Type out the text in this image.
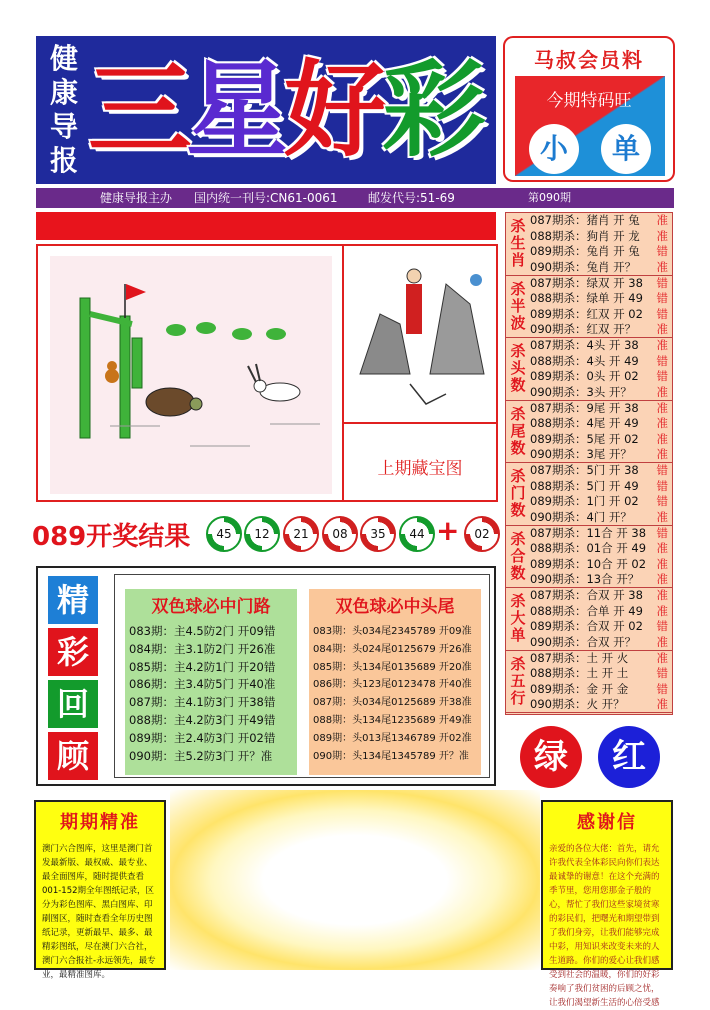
健
康
导
报 三
星
好
彩	马叔会员料
今期特码旺
小	单
健康导报主办 国内统一刊号:CN61-0061	邮发代号:51-69	第090期
上期藏宝图
089开奖结果	45	12	21	08	35	44 +	02
精
彩
回
顾
双色球必中门路
083期：主4.5防2门 开09错
084期：主3.1防2门 开26准
085期：主4.2防1门 开20错
086期：主3.4防5门 开40准
087期：主4.1防3门 开38错
088期：主4.2防3门 开49错
089期：主2.4防3门 开02错
090期：主5.2防3门 开？准
双色球必中头尾
083期：头034尾2345789 开09准
084期：头024尾0125679 开26准
085期：头134尾0135689 开20准
086期：头123尾0123478 开40准
087期：头034尾0125689 开38准
088期：头134尾1235689 开49准
089期：头013尾1346789 开02准
090期：头134尾1345789 开？准
杀
生
肖
087期杀：猪肖 开 兔 准
088期杀：狗肖 开 龙 准
089期杀：兔肖 开 兔 错
090期杀：兔肖 开？ 准
杀
半
波
087期杀：绿双 开 38 错
088期杀：绿单 开 49 错
089期杀：红双 开 02 错
090期杀：红双 开？ 准
杀
头
数
087期杀：4头 开 38 准
088期杀：4头 开 49 错
089期杀：0头 开 02 错
090期杀：3头 开？ 准
杀
尾
数
087期杀：9尾 开 38 准
088期杀：4尾 开 49 准
089期杀：5尾 开 02 准
090期杀：3尾 开？ 准
杀
门
数
087期杀：5门 开 38 错
088期杀：5门 开 49 错
089期杀：1门 开 02 错
090期杀：4门 开？ 准
杀
合
数
087期杀：11合 开 38 错
088期杀：01合 开 49 准
089期杀：10合 开 02 准
090期杀：13合 开？ 准
杀
大
单
087期杀：合双 开 38 准
088期杀：合单 开 49 准
089期杀：合双 开 02 错
090期杀：合双 开？ 准
杀
五
行
087期杀：土 开 火 准
088期杀：土 开 土 错
089期杀：金 开 金 错
090期杀：火 开？	准
绿	红
期期精准
澳门六合图库，这里是澳门首发最新版、最权威、最专业、最全面图库，随时提供查看001-152期全年图纸记录，区分为彩色图库、黑白图库、印刷图区，随时查看全年历史图纸记录，更新最早、最多、最精彩图纸，尽在澳门六合社，澳门六合报社-永远领先，最专业，最精准图库。
感谢信
亲爱的各位大佬：首先，请允许我代表全体彩民向你们表达最诚挚的谢意！在这个充满的季节里，您用您那金子般的心，帮忙了我们这些家境贫寒的彩民们，把曙光和期望带到了我们身旁，让我们能够完成中彩，用知识来改变未来的人生道路。你们的爱心让我们感受到社会的温暖，你们的好彩奏响了我们贫困的后顾之忧，让我们渴望新生活的心倍受感
